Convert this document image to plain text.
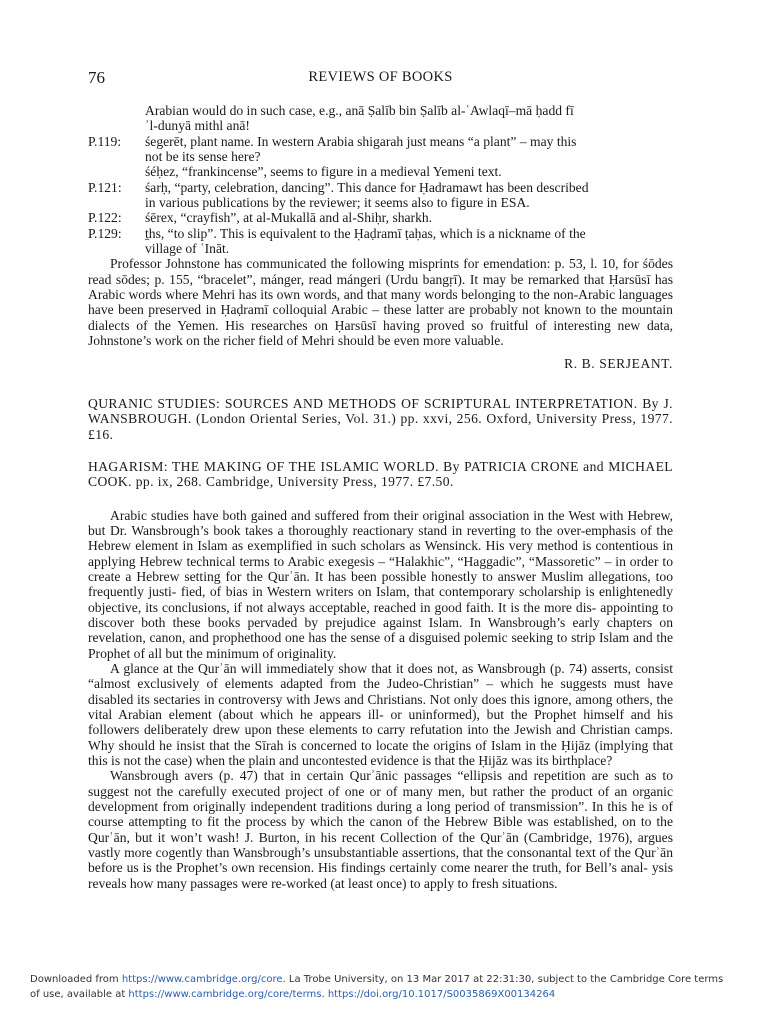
76	REVIEWS OF BOOKS
Arabian would do in such case, e.g., anā Ṣalīb bin Ṣalīb al-ʿAwlaqī–mā ḥadd fī
ʾl-dunyā mithl anā!
P.119:	śegerēt, plant name. In western Arabia shigarah just means “a plant” – may this
not be its sense here?
śéḥez, “frankincense”, seems to figure in a medieval Yemeni text.
P.121:	śarḥ, “party, celebration, dancing”. This dance for Ḥadramawt has been described
in various publications by the reviewer; it seems also to figure in ESA.
P.122:	śērex, “crayfish”, at al-Mukallā and al-Shiḥr, sharkh.
P.129:	ṯhs, “to slip”. This is equivalent to the Ḥaḍramī ṭaḥas, which is a nickname of the
village of ʿInāt.

Professor Johnstone has communicated the following misprints for emendation: p. 53, l. 10, for śōdes read sōdes; p. 155, “bracelet”, mánger, read mángeri (Urdu bangṛī). It may be remarked that Ḥarsūsī has Arabic words where Mehri has its own words, and that many words belonging to the non-Arabic languages have been preserved in Ḥaḍramī colloquial Arabic – these latter are probably not known to the mountain dialects of the Yemen. His researches on Ḥarsūsī having proved so fruitful of interesting new data, Johnstone’s work on the richer field of Mehri should be even more valuable.

R. B. SERJEANT.

QURANIC STUDIES: SOURCES AND METHODS OF SCRIPTURAL INTERPRETATION. By J. WANSBROUGH. (London Oriental Series, Vol. 31.) pp. xxvi, 256. Oxford, University Press, 1977. £16.

HAGARISM: THE MAKING OF THE ISLAMIC WORLD. By PATRICIA CRONE and MICHAEL COOK. pp. ix, 268. Cambridge, University Press, 1977. £7.50.

Arabic studies have both gained and suffered from their original association in the West with Hebrew, but Dr. Wansbrough’s book takes a thoroughly reactionary stand in reverting to the over-emphasis of the Hebrew element in Islam as exemplified in such scholars as Wensinck. His very method is contentious in applying Hebrew technical terms to Arabic exegesis – “Halakhic”, “Haggadic”, “Massoretic” – in order to create a Hebrew setting for the Qurʾān. It has been possible honestly to answer Muslim allegations, too frequently justi- fied, of bias in Western writers on Islam, that contemporary scholarship is enlightenedly objective, its conclusions, if not always acceptable, reached in good faith. It is the more dis- appointing to discover both these books pervaded by prejudice against Islam. In Wansbrough’s early chapters on revelation, canon, and prophethood one has the sense of a disguised polemic seeking to strip Islam and the Prophet of all but the minimum of originality.

A glance at the Qurʾān will immediately show that it does not, as Wansbrough (p. 74) asserts, consist “almost exclusively of elements adapted from the Judeo-Christian” – which he suggests must have disabled its sectaries in controversy with Jews and Christians. Not only does this ignore, among others, the vital Arabian element (about which he appears ill- or uninformed), but the Prophet himself and his followers deliberately drew upon these elements to carry refutation into the Jewish and Christian camps. Why should he insist that the Sīrah is concerned to locate the origins of Islam in the Ḥijāz (implying that this is not the case) when the plain and uncontested evidence is that the Ḥijāz was its birthplace?

Wansbrough avers (p. 47) that in certain Qurʾānic passages “ellipsis and repetition are such as to suggest not the carefully executed project of one or of many men, but rather the product of an organic development from originally independent traditions during a long period of transmission”. In this he is of course attempting to fit the process by which the canon of the Hebrew Bible was established, on to the Qurʾān, but it won’t wash! J. Burton, in his recent Collection of the Qurʾān (Cambridge, 1976), argues vastly more cogently than Wansbrough’s unsubstantiable assertions, that the consonantal text of the Qurʾān before us is the Prophet’s own recension. His findings certainly come nearer the truth, for Bell’s anal- ysis reveals how many passages were re-worked (at least once) to apply to fresh situations.

Downloaded from https://www.cambridge.org/core. La Trobe University, on 13 Mar 2017 at 22:31:30, subject to the Cambridge Core terms
of use, available at https://www.cambridge.org/core/terms. https://doi.org/10.1017/S0035869X00134264
